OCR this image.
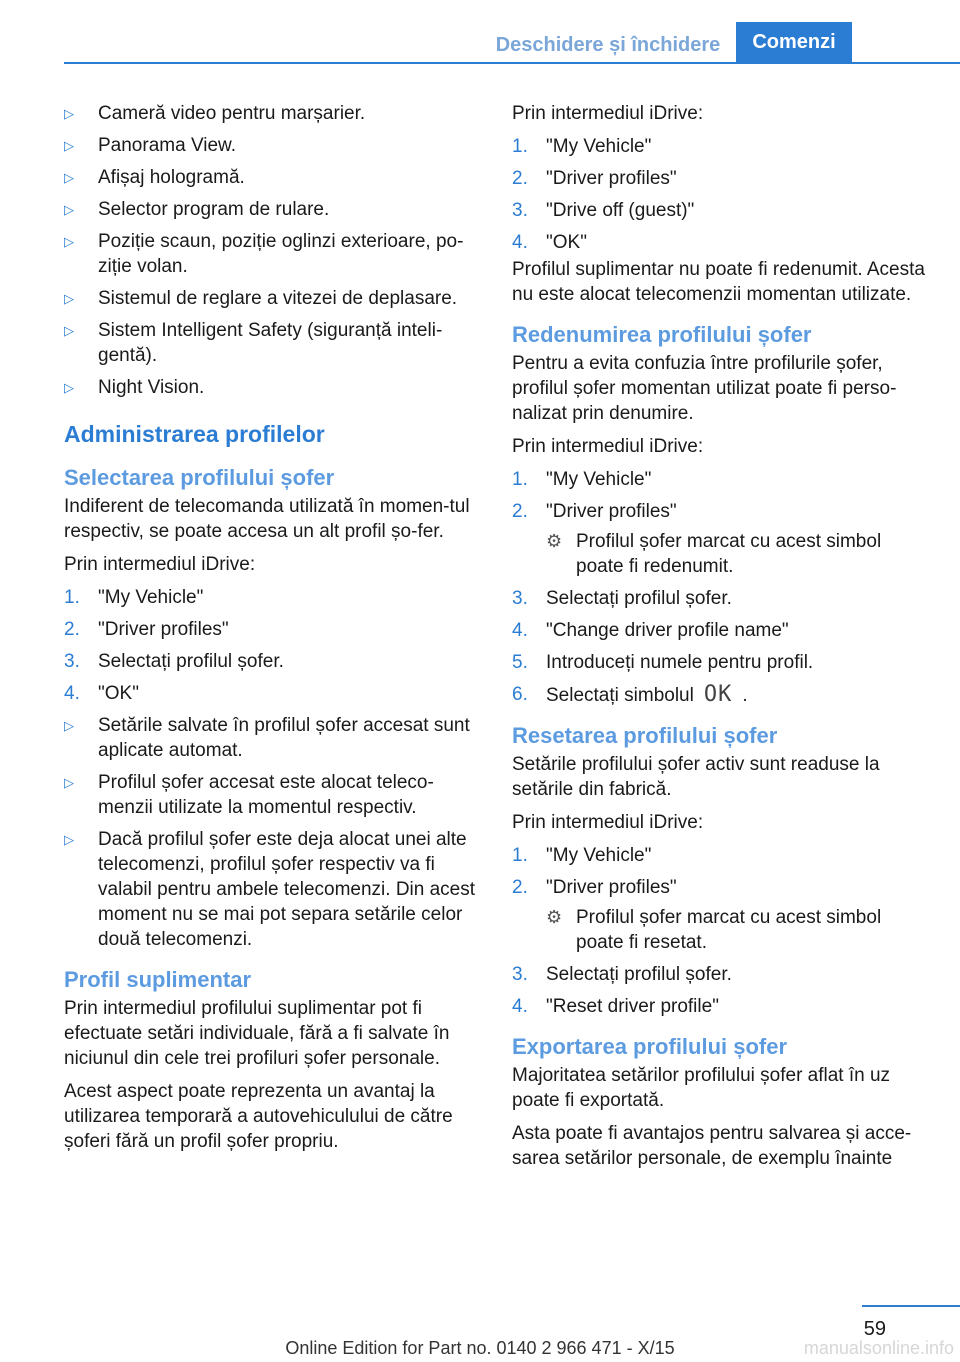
Deschidere și închidere	Comenzi
▷	Cameră video pentru marșarier.
▷	Panorama View.
▷	Afișaj hologramă.
▷	Selector program de rulare.
▷	Poziție scaun, poziție oglinzi exterioare, po-ziție volan.
▷	Sistemul de reglare a vitezei de deplasare.
▷	Sistem Intelligent Safety (siguranță inteli-gentă).
▷	Night Vision.
Administrarea profilelor
Selectarea profilului șofer

Indiferent de telecomanda utilizată în momen-tul respectiv, se poate accesa un alt profil șo-fer.

Prin intermediul iDrive:

1. "My Vehicle"
2. "Driver profiles"
3. Selectați profilul șofer.
4. "OK"
▷	Setările salvate în profilul șofer accesat sunt aplicate automat.
▷	Profilul șofer accesat este alocat teleco-menzii utilizate la momentul respectiv.
▷	Dacă profilul șofer este deja alocat unei alte telecomenzi, profilul șofer respectiv va fi valabil pentru ambele telecomenzi. Din acest moment nu se mai pot separa setările celor două telecomenzi.
Profil suplimentar

Prin intermediul profilului suplimentar pot fi efectuate setări individuale, fără a fi salvate în niciunul din cele trei profiluri șofer personale.

Acest aspect poate reprezenta un avantaj la utilizarea temporară a autovehiculului de către șoferi fără un profil șofer propriu.

Prin intermediul iDrive:

1. "My Vehicle"
2. "Driver profiles"
3. "Drive off (guest)"
4. "OK"

Profilul suplimentar nu poate fi redenumit. Acesta nu este alocat telecomenzii momentan utilizate.

Redenumirea profilului șofer

Pentru a evita confuzia între profilurile șofer, profilul șofer momentan utilizat poate fi perso-nalizat prin denumire.

Prin intermediul iDrive:

1. "My Vehicle"
2. "Driver profiles"
⚙ Profilul șofer marcat cu acest simbol poate fi redenumit.
3. Selectați profilul șofer.
4. "Change driver profile name"
5. Introduceți numele pentru profil.
6. Selectați simbolul OK .
Resetarea profilului șofer

Setările profilului șofer activ sunt readuse la setările din fabrică.

Prin intermediul iDrive:

1. "My Vehicle"
2. "Driver profiles"
⚙ Profilul șofer marcat cu acest simbol poate fi resetat.
3. Selectați profilul șofer.
4. "Reset driver profile"
Exportarea profilului șofer

Majoritatea setărilor profilului șofer aflat în uz poate fi exportată.

Asta poate fi avantajos pentru salvarea și acce-sarea setărilor personale, de exemplu înainte

59
Online Edition for Part no. 0140 2 966 471 - X/15	manualsonline.info
